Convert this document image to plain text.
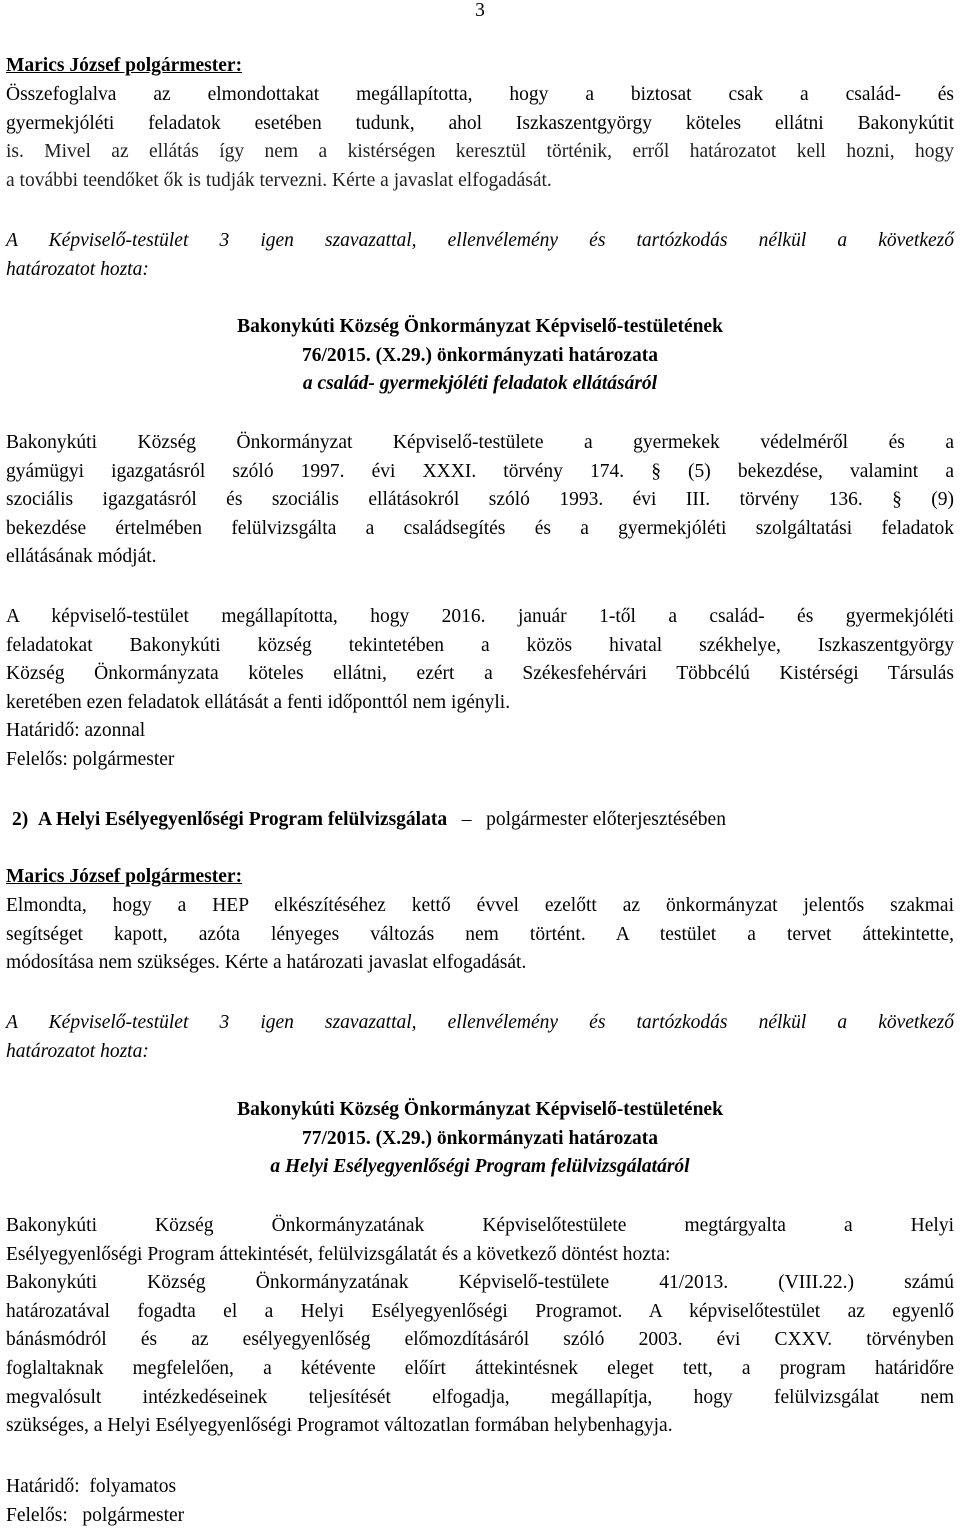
3
Marics József polgármester:
Összefoglalva az elmondottakat megállapította, hogy a biztosat csak a család- és
gyermekjóléti feladatok esetében tudunk, ahol Iszkaszentgyörgy köteles ellátni Bakonykútit
is. Mivel az ellátás így nem a kistérségen keresztül történik, erről határozatot kell hozni, hogy
a további teendőket ők is tudják tervezni. Kérte a javaslat elfogadását.
A Képviselő-testület 3 igen szavazattal, ellenvélemény és tartózkodás nélkül a következő
határozatot hozta:
Bakonykúti Község Önkormányzat Képviselő-testületének
76/2015. (X.29.) önkormányzati határozata
a család- gyermekjóléti feladatok ellátásáról
Bakonykúti Község Önkormányzat Képviselő-testülete a gyermekek védelméről és a
gyámügyi igazgatásról szóló 1997. évi XXXI. törvény 174. § (5) bekezdése, valamint a
szociális igazgatásról és szociális ellátásokról szóló 1993. évi III. törvény 136. § (9)
bekezdése értelmében felülvizsgálta a családsegítés és a gyermekjóléti szolgáltatási feladatok
ellátásának módját.
A képviselő-testület megállapította, hogy 2016. január 1-től a család- és gyermekjóléti
feladatokat Bakonykúti község tekintetében a közös hivatal székhelye, Iszkaszentgyörgy
Község Önkormányzata köteles ellátni, ezért a Székesfehérvári Többcélú Kistérségi Társulás
keretében ezen feladatok ellátását a fenti időponttól nem igényli.
Határidő: azonnal
Felelős: polgármester
2) A Helyi Esélyegyenlőségi Program felülvizsgálata – polgármester előterjesztésében
Marics József polgármester:
Elmondta, hogy a HEP elkészítéséhez kettő évvel ezelőtt az önkormányzat jelentős szakmai
segítséget kapott, azóta lényeges változás nem történt. A testület a tervet áttekintette,
módosítása nem szükséges. Kérte a határozati javaslat elfogadását.
A Képviselő-testület 3 igen szavazattal, ellenvélemény és tartózkodás nélkül a következő
határozatot hozta:
Bakonykúti Község Önkormányzat Képviselő-testületének
77/2015. (X.29.) önkormányzati határozata
a Helyi Esélyegyenlőségi Program felülvizsgálatáról
Bakonykúti Község Önkormányzatának Képviselőtestülete megtárgyalta a Helyi
Esélyegyenlőségi Program áttekintését, felülvizsgálatát és a következő döntést hozta:
Bakonykúti Község Önkormányzatának Képviselő-testülete 41/2013. (VIII.22.) számú
határozatával fogadta el a Helyi Esélyegyenlőségi Programot. A képviselőtestület az egyenlő
bánásmódról és az esélyegyenlőség előmozdításáról szóló 2003. évi CXXV. törvényben
foglaltaknak megfelelően, a kétévente előírt áttekintésnek eleget tett, a program határidőre
megvalósult intézkedéseinek teljesítését elfogadja, megállapítja, hogy felülvizsgálat nem
szükséges, a Helyi Esélyegyenlőségi Programot változatlan formában helybenhagyja.
Határidő: folyamatos
Felelős: polgármester
